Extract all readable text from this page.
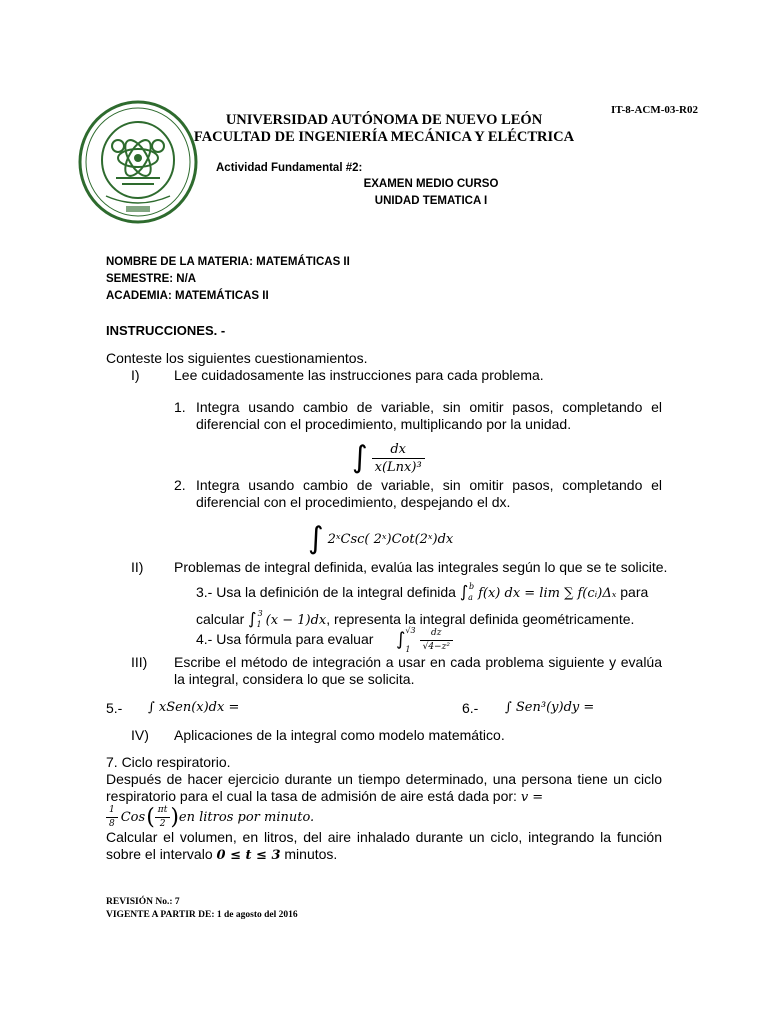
IT-8-ACM-03-R02
UNIVERSIDAD AUTÓNOMA DE NUEVO LEÓN
FACULTAD DE INGENIERÍA MECÁNICA Y ELÉCTRICA
Actividad Fundamental #2:
EXAMEN MEDIO CURSO
UNIDAD TEMATICA I
NOMBRE DE LA MATERIA: MATEMÁTICAS II
SEMESTRE: N/A
ACADEMIA: MATEMÁTICAS II
INSTRUCCIONES. -
Conteste los siguientes cuestionamientos.
I) Lee cuidadosamente las instrucciones para cada problema.
1. Integra usando cambio de variable, sin omitir pasos, completando el diferencial con el procedimiento, multiplicando por la unidad.
∫ $\frac{dx}{\text{x(Lnx)³}}$
2. Integra usando cambio de variable, sin omitir pasos, completando el diferencial con el procedimiento, despejando el dx.
∫ 2ˣCsc( 2ˣ)Cot(2ˣ)dx
II) Problemas de integral definida, evalúa las integrales según lo que se te solicite.
3.- Usa la definición de la integral definida $\int_a^b$ f(x) dx = lim ∑ f(cᵢ)Δₓ para
calcular $\int_1^3$ (x − 1)dx, representa la integral definida geométricamente.
4.- Usa fórmula para evaluar ∫ √3
1	$\frac{dz}{\text{√4−z²}}$
III) Escribe el método de integración a usar en cada problema siguiente y evalúa la integral, considera lo que se solicita.
5.- ∫ xSen(x)dx =	6.- ∫ Sen³(y)dy =
IV) Aplicaciones de la integral como modelo matemático.
7. Ciclo respiratorio.
Después de hacer ejercicio durante un tiempo determinado, una persona tiene un ciclo respiratorio para el cual la tasa de admisión de aire está dada por: v =
$\frac{1}{8}$ Cos ( $\frac{\pi t}{2}$ ) en litros por minuto.
Calcular el volumen, en litros, del aire inhalado durante un ciclo, integrando la función sobre el intervalo 0 ≤ t ≤ 3 minutos.
REVISIÓN No.: 7
VIGENTE A PARTIR DE: 1 de agosto del 2016
